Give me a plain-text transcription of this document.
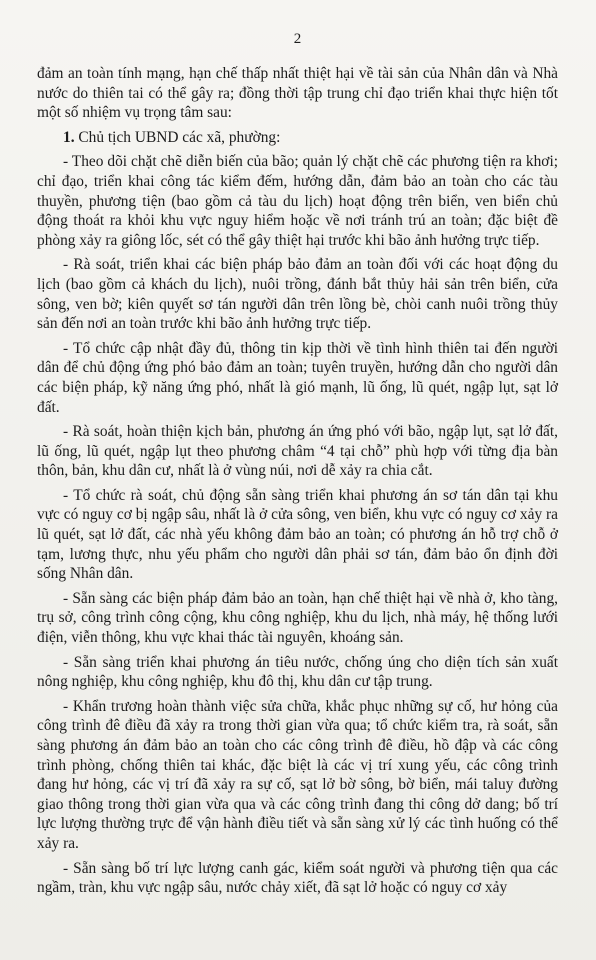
2

đảm an toàn tính mạng, hạn chế thấp nhất thiệt hại về tài sản của Nhân dân và Nhà nước do thiên tai có thể gây ra; đồng thời tập trung chỉ đạo triển khai thực hiện tốt một số nhiệm vụ trọng tâm sau:

1. Chủ tịch UBND các xã, phường:

- Theo dõi chặt chẽ diễn biến của bão; quản lý chặt chẽ các phương tiện ra khơi; chỉ đạo, triển khai công tác kiểm đếm, hướng dẫn, đảm bảo an toàn cho các tàu thuyền, phương tiện (bao gồm cả tàu du lịch) hoạt động trên biển, ven biển chủ động thoát ra khỏi khu vực nguy hiểm hoặc về nơi tránh trú an toàn; đặc biệt đề phòng xảy ra giông lốc, sét có thể gây thiệt hại trước khi bão ảnh hưởng trực tiếp.

- Rà soát, triển khai các biện pháp bảo đảm an toàn đối với các hoạt động du lịch (bao gồm cả khách du lịch), nuôi trồng, đánh bắt thủy hải sản trên biển, cửa sông, ven bờ; kiên quyết sơ tán người dân trên lồng bè, chòi canh nuôi trồng thủy sản đến nơi an toàn trước khi bão ảnh hưởng trực tiếp.

- Tổ chức cập nhật đầy đủ, thông tin kịp thời về tình hình thiên tai đến người dân để chủ động ứng phó bảo đảm an toàn; tuyên truyền, hướng dẫn cho người dân các biện pháp, kỹ năng ứng phó, nhất là gió mạnh, lũ ống, lũ quét, ngập lụt, sạt lở đất.

- Rà soát, hoàn thiện kịch bản, phương án ứng phó với bão, ngập lụt, sạt lở đất, lũ ống, lũ quét, ngập lụt theo phương châm “4 tại chỗ” phù hợp với từng địa bàn thôn, bản, khu dân cư, nhất là ở vùng núi, nơi dễ xảy ra chia cắt.

- Tổ chức rà soát, chủ động sẵn sàng triển khai phương án sơ tán dân tại khu vực có nguy cơ bị ngập sâu, nhất là ở cửa sông, ven biển, khu vực có nguy cơ xảy ra lũ quét, sạt lở đất, các nhà yếu không đảm bảo an toàn; có phương án hỗ trợ chỗ ở tạm, lương thực, nhu yếu phẩm cho người dân phải sơ tán, đảm bảo ổn định đời sống Nhân dân.

- Sẵn sàng các biện pháp đảm bảo an toàn, hạn chế thiệt hại về nhà ở, kho tàng, trụ sở, công trình công cộng, khu công nghiệp, khu du lịch, nhà máy, hệ thống lưới điện, viễn thông, khu vực khai thác tài nguyên, khoáng sản.

- Sẵn sàng triển khai phương án tiêu nước, chống úng cho diện tích sản xuất nông nghiệp, khu công nghiệp, khu đô thị, khu dân cư tập trung.

- Khẩn trương hoàn thành việc sửa chữa, khắc phục những sự cố, hư hỏng của công trình đê điều đã xảy ra trong thời gian vừa qua; tổ chức kiểm tra, rà soát, sẵn sàng phương án đảm bảo an toàn cho các công trình đê điều, hồ đập và các công trình phòng, chống thiên tai khác, đặc biệt là các vị trí xung yếu, các công trình đang hư hỏng, các vị trí đã xảy ra sự cố, sạt lở bờ sông, bờ biển, mái taluy đường giao thông trong thời gian vừa qua và các công trình đang thi công dở dang; bố trí lực lượng thường trực để vận hành điều tiết và sẵn sàng xử lý các tình huống có thể xảy ra.

- Sẵn sàng bố trí lực lượng canh gác, kiểm soát người và phương tiện qua các ngầm, tràn, khu vực ngập sâu, nước chảy xiết, đã sạt lở hoặc có nguy cơ xảy
